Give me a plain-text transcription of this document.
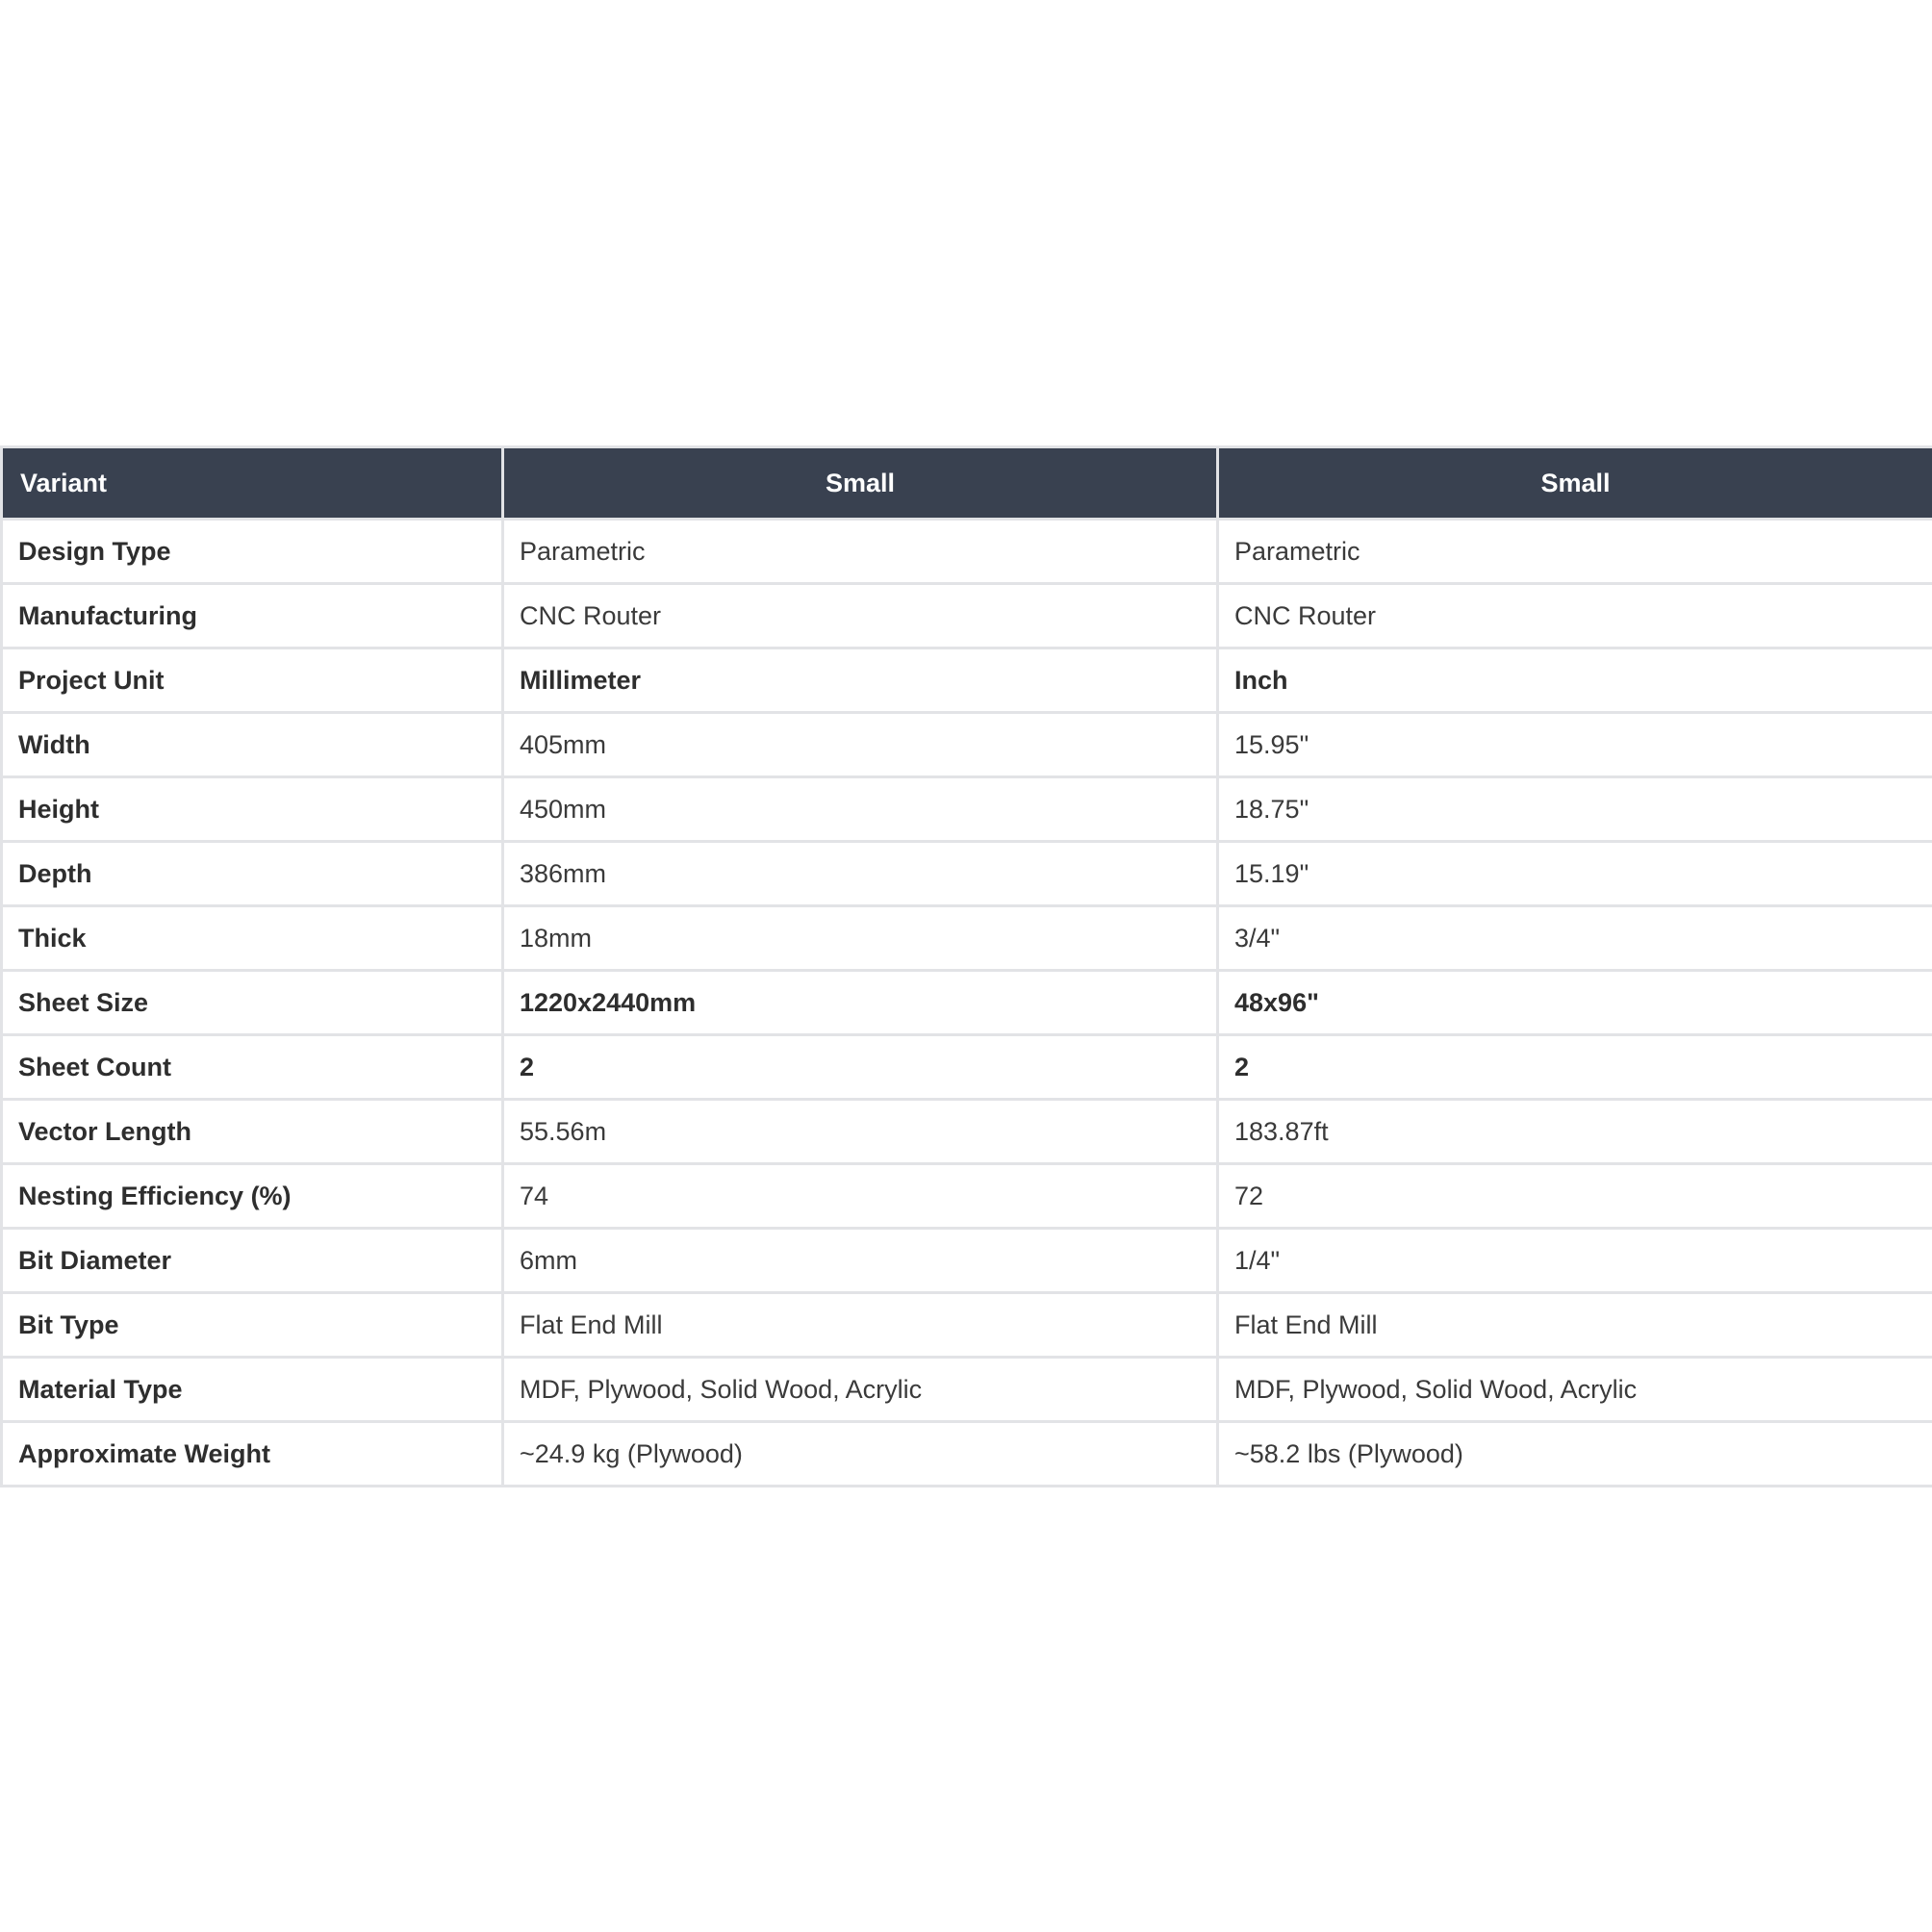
Variant	Small	Small
Design Type	Parametric	Parametric
Manufacturing	CNC Router	CNC Router
Project Unit	Millimeter	Inch
Width	405mm	15.95"
Height	450mm	18.75"
Depth	386mm	15.19"
Thick	18mm	3/4"
Sheet Size	1220x2440mm	48x96"
Sheet Count	2	2
Vector Length	55.56m	183.87ft
Nesting Efficiency (%)	74	72
Bit Diameter	6mm	1/4"
Bit Type	Flat End Mill	Flat End Mill
Material Type	MDF, Plywood, Solid Wood, Acrylic	MDF, Plywood, Solid Wood, Acrylic
Approximate Weight	~24.9 kg (Plywood)	~58.2 lbs (Plywood)
